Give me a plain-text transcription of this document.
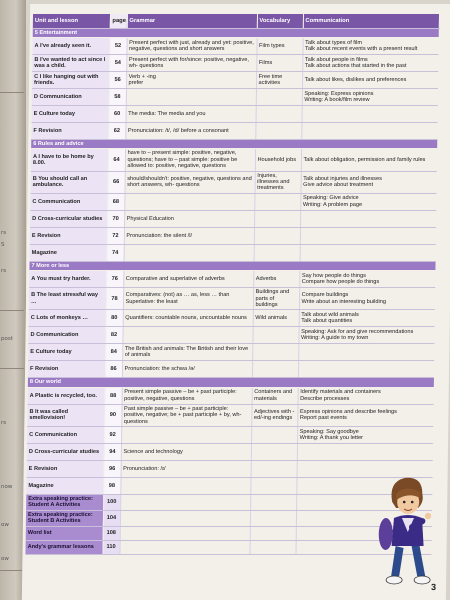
rs
S
rs
post
rs
now
ow
ow
Unit and lesson	page	Grammar	Vocabulary	Communication
5 Entertainment				
A I've already seen it.	52	Present perfect with just, already and yet: positive, negative, questions and short answers	Film types	Talk about types of film
Talk about recent events with a present result
B I've wanted to act since I was a child.	54	Present perfect with for/since: positive, negative, wh- questions	Films	Talk about people in films
Talk about actions that started in the past
C I like hanging out with friends.	56	Verb + -ing
prefer	Free time activities	Talk about likes, dislikes and preferences
D Communication	58			Speaking: Express opinions
Writing: A book/film review
E Culture today	60	The media: The media and you		
F Revision	62	Pronunciation: /t/, /d/ before a consonant		
6 Rules and advice				
A I have to be home by 8.00.	64	have to – present simple: positive, negative, questions; have to – past simple: positive be allowed to: positive, negative, questions	Household jobs	Talk about obligation, permission and family rules
B You should call an ambulance.	66	should/shouldn't: positive, negative, questions and short answers, wh- questions	Injuries, illnesses and treatments	Talk about injuries and illnesses
Give advice about treatment
C Communication	68			Speaking: Give advice
Writing: A problem page
D Cross-curricular studies	70	Physical Education		
E Revision	72	Pronunciation: the silent /l/		
Magazine	74			
7 More or less				
A You must try harder.	76	Comparative and superlative of adverbs	Adverbs	Say how people do things
Compare how people do things
B The least stressful way …	78	Comparatives: (not) as … as, less … than
Superlative: the least	Buildings and parts of buildings	Compare buildings
Write about an interesting building
C Lots of monkeys …	80	Quantifiers: countable nouns, uncountable nouns	Wild animals	Talk about wild animals
Talk about quantities
D Communication	82			Speaking: Ask for and give recommendations
Writing: A guide to my town
E Culture today	84	The British and animals: The British and their love of animals		
F Revision	86	Pronunciation: the schwa /ə/		
8 Our world				
A Plastic is recycled, too.	88	Present simple passive – be + past participle: positive, negative, questions	Containers and materials	Identify materials and containers
Describe processes
B It was called smellovision!	90	Past simple passive – be + past participle: positive, negative; be + past participle + by, wh- questions	Adjectives with -ed/-ing endings	Express opinions and describe feelings
Report past events
C Communication	92			Speaking: Say goodbye
Writing: A thank you letter
D Cross-curricular studies	94	Science and technology		
E Revision	96	Pronunciation: /ɪ/		
Magazine	98			
Extra speaking practice: Student A Activities	100			
Extra speaking practice: Student B Activities	104			
Word list	108			
Andy's grammar lessons	110			
3
